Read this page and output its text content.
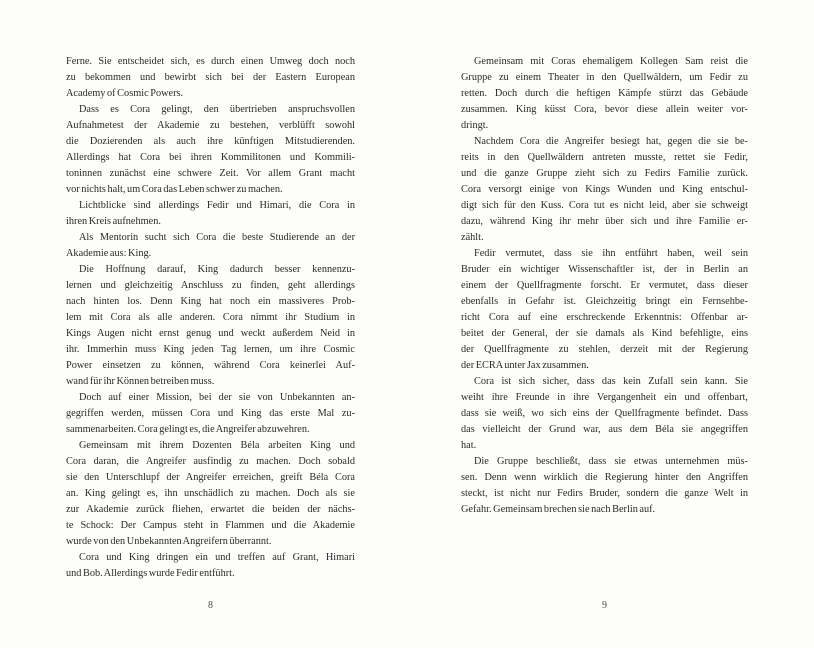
Ferne. Sie entscheidet sich, es durch einen Umweg doch noch
zu bekommen und bewirbt sich bei der Eastern European
Academy of Cosmic Powers.
Dass es Cora gelingt, den übertrieben anspruchsvollen
Aufnahmetest der Akademie zu bestehen, verblüfft sowohl
die Dozierenden als auch ihre künftigen Mitstudierenden.
Allerdings hat Cora bei ihren Kommilitonen und Kommili-
toninnen zunächst eine schwere Zeit. Vor allem Grant macht
vor nichts halt, um Cora das Leben schwer zu machen.
Lichtblicke sind allerdings Fedir und Himari, die Cora in
ihren Kreis aufnehmen.
Als Mentorin sucht sich Cora die beste Studierende an der
Akademie aus: King.
Die Hoffnung darauf, King dadurch besser kennenzu-
lernen und gleichzeitig Anschluss zu finden, geht allerdings
nach hinten los. Denn King hat noch ein massiveres Prob-
lem mit Cora als alle anderen. Cora nimmt ihr Studium in
Kings Augen nicht ernst genug und weckt außerdem Neid in
ihr. Immerhin muss King jeden Tag lernen, um ihre Cosmic
Power einsetzen zu können, während Cora keinerlei Auf-
wand für ihr Können betreiben muss.
Doch auf einer Mission, bei der sie von Unbekannten an-
gegriffen werden, müssen Cora und King das erste Mal zu-
sammenarbeiten. Cora gelingt es, die Angreifer abzuwehren.
Gemeinsam mit ihrem Dozenten Béla arbeiten King und
Cora daran, die Angreifer ausfindig zu machen. Doch sobald
sie den Unterschlupf der Angreifer erreichen, greift Béla Cora
an. King gelingt es, ihn unschädlich zu machen. Doch als sie
zur Akademie zurück fliehen, erwartet die beiden der nächs-
te Schock: Der Campus steht in Flammen und die Akademie
wurde von den Unbekannten Angreifern überrannt.
Cora und King dringen ein und treffen auf Grant, Himari
und Bob. Allerdings wurde Fedir entführt.
Gemeinsam mit Coras ehemaligem Kollegen Sam reist die
Gruppe zu einem Theater in den Quellwäldern, um Fedir zu
retten. Doch durch die heftigen Kämpfe stürzt das Gebäude
zusammen. King küsst Cora, bevor diese allein weiter vor-
dringt.
Nachdem Cora die Angreifer besiegt hat, gegen die sie be-
reits in den Quellwäldern antreten musste, rettet sie Fedir,
und die ganze Gruppe zieht sich zu Fedirs Familie zurück.
Cora versorgt einige von Kings Wunden und King entschul-
digt sich für den Kuss. Cora tut es nicht leid, aber sie schweigt
dazu, während King ihr mehr über sich und ihre Familie er-
zählt.
Fedir vermutet, dass sie ihn entführt haben, weil sein
Bruder ein wichtiger Wissenschaftler ist, der in Berlin an
einem der Quellfragmente forscht. Er vermutet, dass dieser
ebenfalls in Gefahr ist. Gleichzeitig bringt ein Fernsehbe-
richt Cora auf eine erschreckende Erkenntnis: Offenbar ar-
beitet der General, der sie damals als Kind befehligte, eins
der Quellfragmente zu stehlen, derzeit mit der Regierung
der ECRA unter Jax zusammen.
Cora ist sich sicher, dass das kein Zufall sein kann. Sie
weiht ihre Freunde in ihre Vergangenheit ein und offenbart,
dass sie weiß, wo sich eins der Quellfragmente befindet. Dass
das vielleicht der Grund war, aus dem Béla sie angegriffen
hat.
Die Gruppe beschließt, dass sie etwas unternehmen müs-
sen. Denn wenn wirklich die Regierung hinter den Angriffen
steckt, ist nicht nur Fedirs Bruder, sondern die ganze Welt in
Gefahr. Gemeinsam brechen sie nach Berlin auf.
8	9
